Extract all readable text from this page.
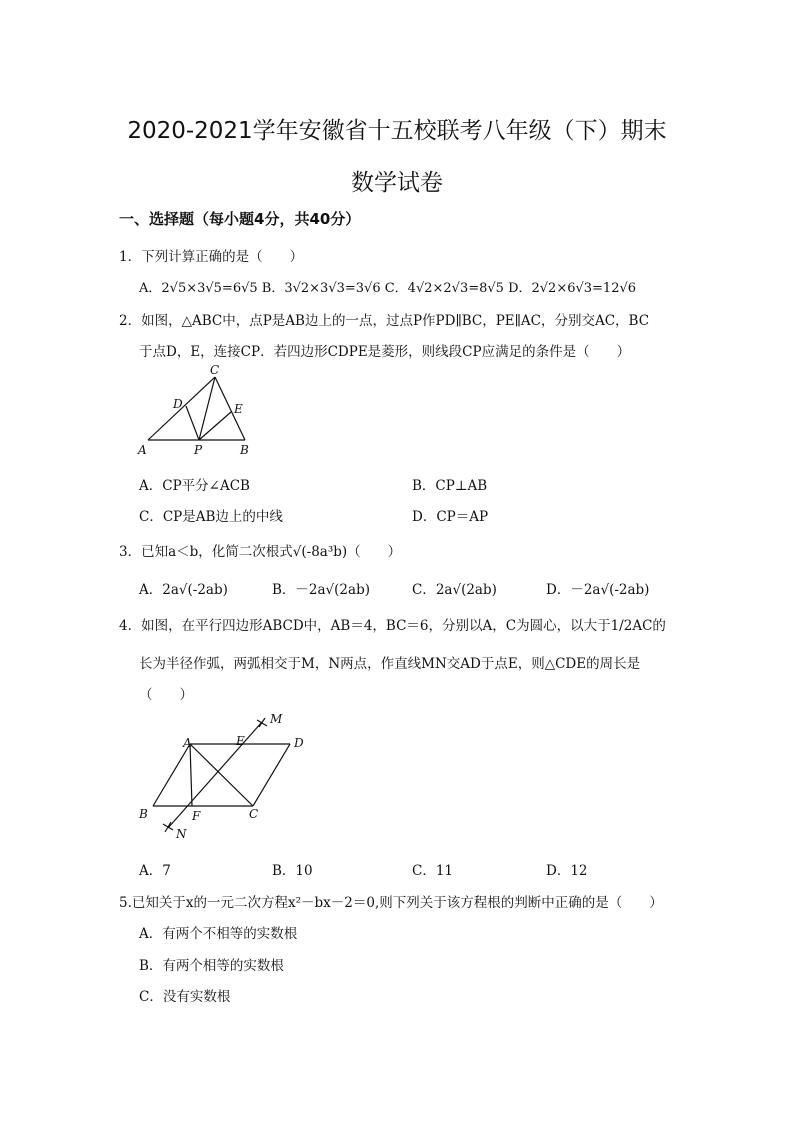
2020-2021学年安徽省十五校联考八年级（下）期末
数学试卷
一、选择题（每小题4分，共40分）
1．下列计算正确的是（　　）
A．2√5×3√5=6√5 B．3√2×3√3=3√6 C．4√2×2√3=8√5 D．2√2×6√3=12√6
2．如图，△ABC中，点P是AB边上的一点，过点P作PD∥BC，PE∥AC，分别交AC，BC
于点D，E，连接CP．若四边形CDPE是菱形，则线段CP应满足的条件是（　　）
C
D	E
A	P	B
A．CP平分∠ACB	B．CP⊥AB
C．CP是AB边上的中线	D．CP＝AP
3．已知a＜b，化简二次根式√(-8a³b)（　　）
A．2a√(-2ab)	B．－2a√(2ab)	C．2a√(2ab)	D．－2a√(-2ab)
4．如图，在平行四边形ABCD中，AB＝4，BC＝6，分别以A，C为圆心，以大于1/2AC的
长为半径作弧，两弧相交于M，N两点，作直线MN交AD于点E，则△CDE的周长是
（　　）
M
A	E	D
B	F	C
N
A．7	B．10	C．11	D．12
5.已知关于x的一元二次方程x²－bx－2＝0,则下列关于该方程根的判断中正确的是（　　）
A．有两个不相等的实数根
B．有两个相等的实数根
C．没有实数根
